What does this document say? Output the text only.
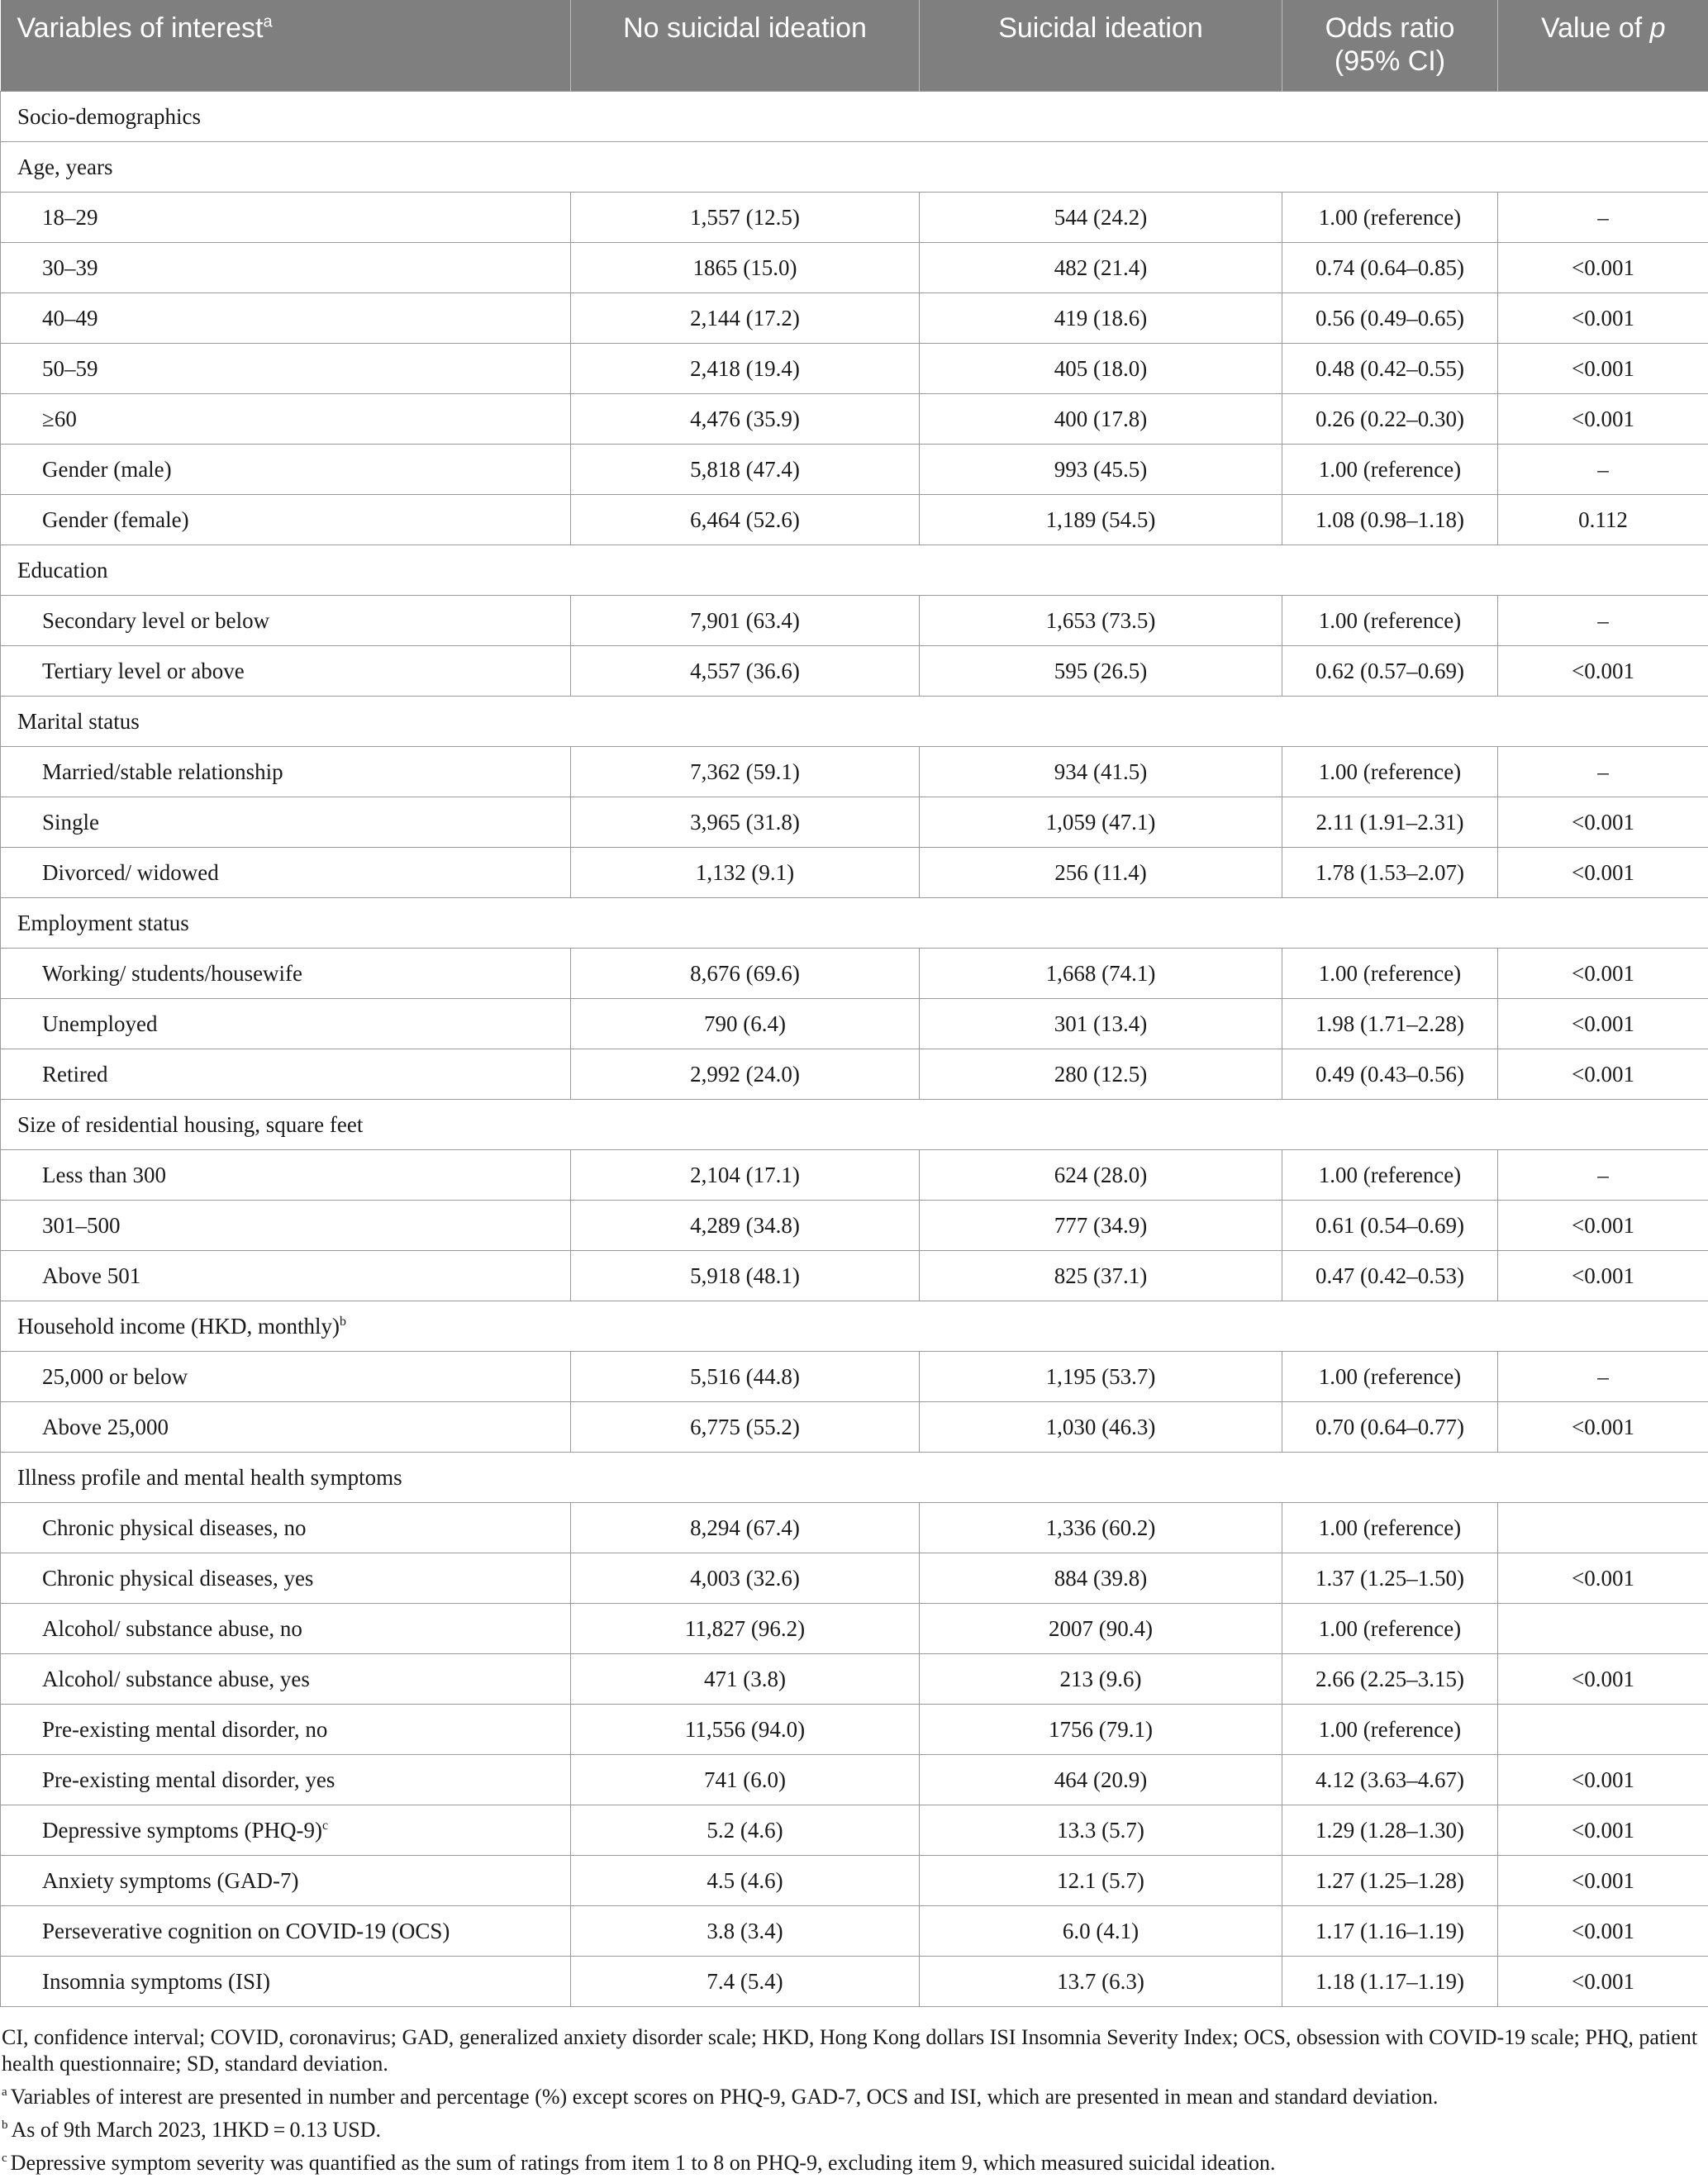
Variables of interest$^a$	No suicidal ideation	Suicidal ideation	Odds ratio (95% CI)	Value of p

Socio-demographics				
Age, years				
18–29	1,557 (12.5)	544 (24.2)	1.00 (reference)	–
30–39	1865 (15.0)	482 (21.4)	0.74 (0.64–0.85)	<0.001
40–49	2,144 (17.2)	419 (18.6)	0.56 (0.49–0.65)	<0.001
50–59	2,418 (19.4)	405 (18.0)	0.48 (0.42–0.55)	<0.001
≥60	4,476 (35.9)	400 (17.8)	0.26 (0.22–0.30)	<0.001
Gender (male)	5,818 (47.4)	993 (45.5)	1.00 (reference)	–
Gender (female)	6,464 (52.6)	1,189 (54.5)	1.08 (0.98–1.18)	0.112
Education				
Secondary level or below	7,901 (63.4)	1,653 (73.5)	1.00 (reference)	–
Tertiary level or above	4,557 (36.6)	595 (26.5)	0.62 (0.57–0.69)	<0.001
Marital status				
Married/stable relationship	7,362 (59.1)	934 (41.5)	1.00 (reference)	–
Single	3,965 (31.8)	1,059 (47.1)	2.11 (1.91–2.31)	<0.001
Divorced/ widowed	1,132 (9.1)	256 (11.4)	1.78 (1.53–2.07)	<0.001
Employment status				
Working/ students/housewife	8,676 (69.6)	1,668 (74.1)	1.00 (reference)	<0.001
Unemployed	790 (6.4)	301 (13.4)	1.98 (1.71–2.28)	<0.001
Retired	2,992 (24.0)	280 (12.5)	0.49 (0.43–0.56)	<0.001
Size of residential housing, square feet				
Less than 300	2,104 (17.1)	624 (28.0)	1.00 (reference)	–
301–500	4,289 (34.8)	777 (34.9)	0.61 (0.54–0.69)	<0.001
Above 501	5,918 (48.1)	825 (37.1)	0.47 (0.42–0.53)	<0.001
Household income (HKD, monthly)$^b$
25,000 or below	5,516 (44.8)	1,195 (53.7)	1.00 (reference)	–
Above 25,000	6,775 (55.2)	1,030 (46.3)	0.70 (0.64–0.77)	<0.001
Illness profile and mental health symptoms				
Chronic physical diseases, no	8,294 (67.4)	1,336 (60.2)	1.00 (reference)	
Chronic physical diseases, yes	4,003 (32.6)	884 (39.8)	1.37 (1.25–1.50)	<0.001
Alcohol/ substance abuse, no	11,827 (96.2)	2007 (90.4)	1.00 (reference)	
Alcohol/ substance abuse, yes	471 (3.8)	213 (9.6)	2.66 (2.25–3.15)	<0.001
Pre-existing mental disorder, no	11,556 (94.0)	1756 (79.1)	1.00 (reference)	
Pre-existing mental disorder, yes	741 (6.0)	464 (20.9)	4.12 (3.63–4.67)	<0.001
Depressive symptoms $(PHQ-9)^c$	5.2 (4.6)	13.3 (5.7)	1.29 (1.28–1.30)	<0.001
Anxiety symptoms (GAD-7)	4.5 (4.6)	12.1 (5.7)	1.27 (1.25–1.28)	<0.001
Perseverative cognition on COVID-19 (OCS)	3.8 (3.4)	6.0 (4.1)	1.17 (1.16–1.19)	<0.001
Insomnia symptoms (ISI)	7.4 (5.4)	13.7 (6.3)	1.18 (1.17–1.19)	<0.001

CI, confidence interval; COVID, coronavirus; GAD, generalized anxiety disorder scale; HKD, Hong Kong dollars ISI Insomnia Severity Index; OCS, obsession with COVID-19 scale; PHQ, patient health questionnaire; SD, standard deviation.

$^a$ Variables of interest are presented in number and percentage (%) except scores on PHQ-9, GAD-7, OCS and ISI, which are presented in mean and standard deviation.

$^b$ As of 9th March 2023, 1HKD = 0.13 USD.

$^c$ Depressive symptom severity was quantified as the sum of ratings from item 1 to 8 on PHQ-9, excluding item 9, which measured suicidal ideation.
